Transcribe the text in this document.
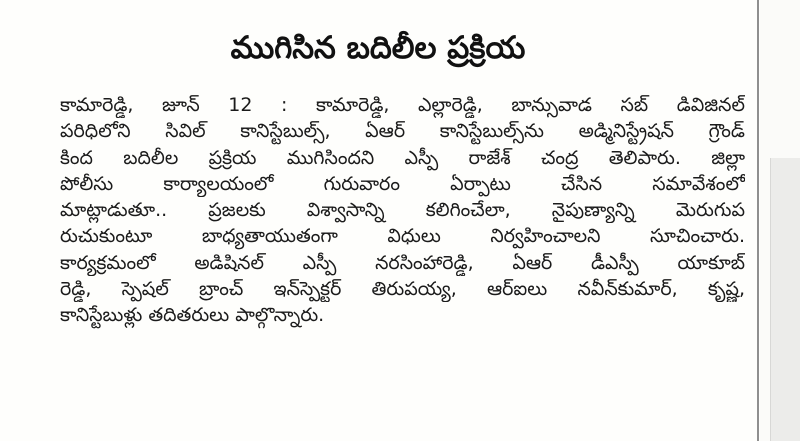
ముగిసిన బదిలీల ప్రక్రియ
కామారెడ్డి, జూన్ 12 : కామారెడ్డి, ఎల్లారెడ్డి, బాన్సువాడ సబ్ డివిజినల్
పరిధిలోని సివిల్ కానిస్టేబుల్స్, ఏఆర్ కానిస్టేబుల్స్‌ను అడ్మినిస్ట్రేషన్ గ్రౌండ్
కింద బదిలీల ప్రక్రియ ముగిసిందని ఎస్పీ రాజేశ్ చంద్ర తెలిపారు. జిల్లా
పోలీసు కార్యాలయంలో గురువారం ఏర్పాటు చేసిన సమావేశంలో
మాట్లాడుతూ.. ప్రజలకు విశ్వాసాన్ని కలిగించేలా, నైపుణ్యాన్ని మెరుగుప
రుచుకుంటూ బాధ్యతాయుతంగా విధులు నిర్వహించాలని సూచించారు.
కార్యక్రమంలో అడిషినల్ ఎస్పీ నరసింహారెడ్డి, ఏఆర్ డీఎస్పీ యాకూబ్
రెడ్డి, స్పెషల్ బ్రాంచ్ ఇన్‌స్పెక్టర్ తిరుపయ్య, ఆర్ఐలు నవీన్‌కుమార్, కృష్ణ,
కానిస్టేబుళ్లు తదితరులు పాల్గొన్నారు.
